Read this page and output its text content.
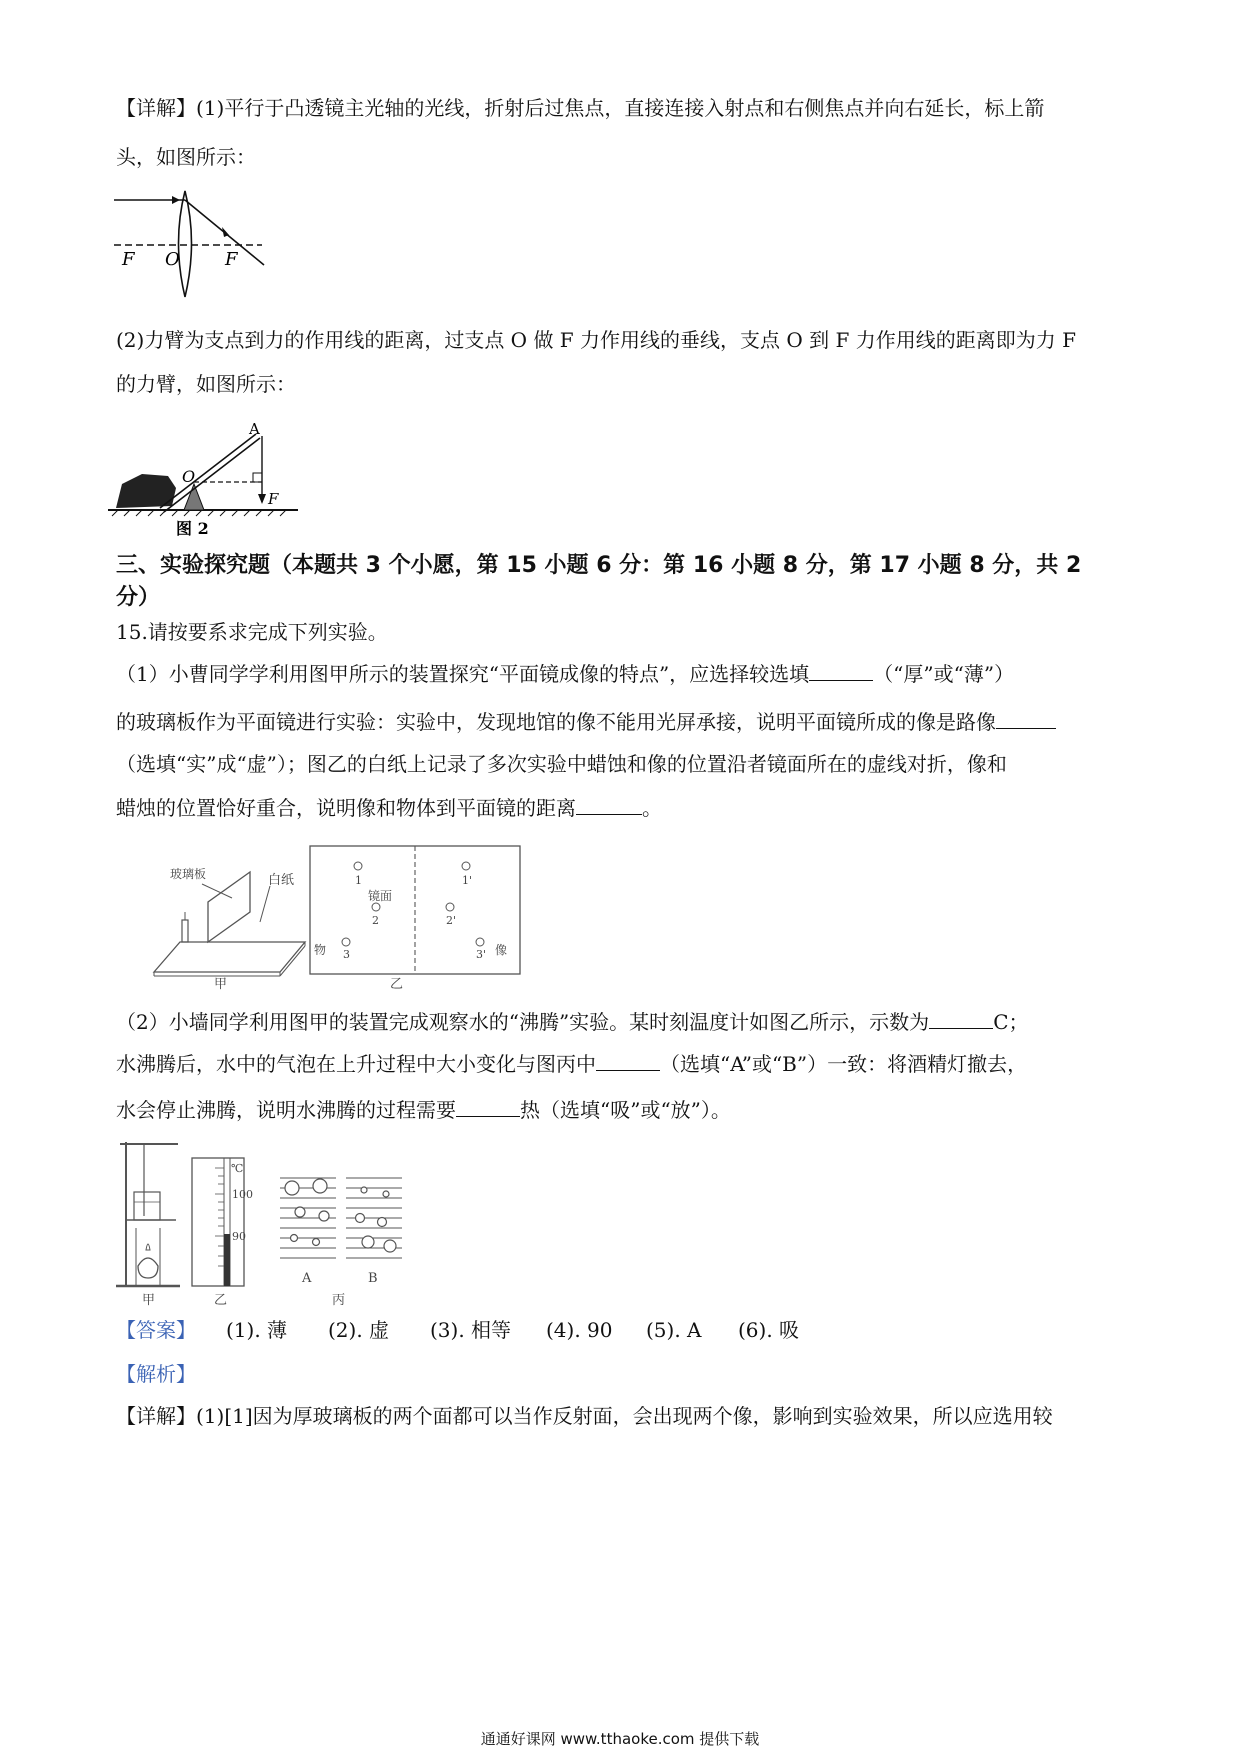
【详解】(1)平行于凸透镜主光轴的光线，折射后过焦点，直接连接入射点和右侧焦点并向右延长，标上箭
头，如图所示：
F O	F
(2)力臂为支点到力的作用线的距离，过支点 O 做 F 力作用线的垂线，支点 O 到 F 力作用线的距离即为力 F
的力臂，如图所示：
A
O
F
图 2
三、实验探究题（本题共 3 个小愿，第 15 小题 6 分：第 16 小题 8 分，第 17 小题 8 分，共 2
分）
15.请按要系求完成下列实验。
（1）小曹同学学利用图甲所示的装置探究“平面镜成像的特点”，应选择较选填	（“厚”或“薄”）
的玻璃板作为平面镜进行实验：实验中，发现地馆的像不能用光屏承接，说明平面镜所成的像是路像
（选填“实”成“虚”）；图乙的白纸上记录了多次实验中蜡蚀和像的位置沿者镜面所在的虚线对折，像和
蜡烛的位置恰好重合，说明像和物体到平面镜的距离	。
玻璃板	白纸
甲	乙
镜面
1
2
3
1'
2'
3'
物	像
（2）小墙同学利用图甲的装置完成观察水的“沸腾”实验。某时刻温度计如图乙所示，示数为	C；
水沸腾后，水中的气泡在上升过程中大小变化与图丙中	（选填“A”或“B”）一致：将酒精灯撤去，
水会停止沸腾，说明水沸腾的过程需要	热（选填“吸”或“放”）。
甲
℃
100
90
乙
A	B
丙
【答案】 (1). 薄 (2). 虚 (3). 相等 (4). 90 (5). A (6). 吸
【解析】
【详解】(1)[1]因为厚玻璃板的两个面都可以当作反射面，会出现两个像，影响到实验效果，所以应选用较
通通好课网 www.tthaoke.com 提供下载
